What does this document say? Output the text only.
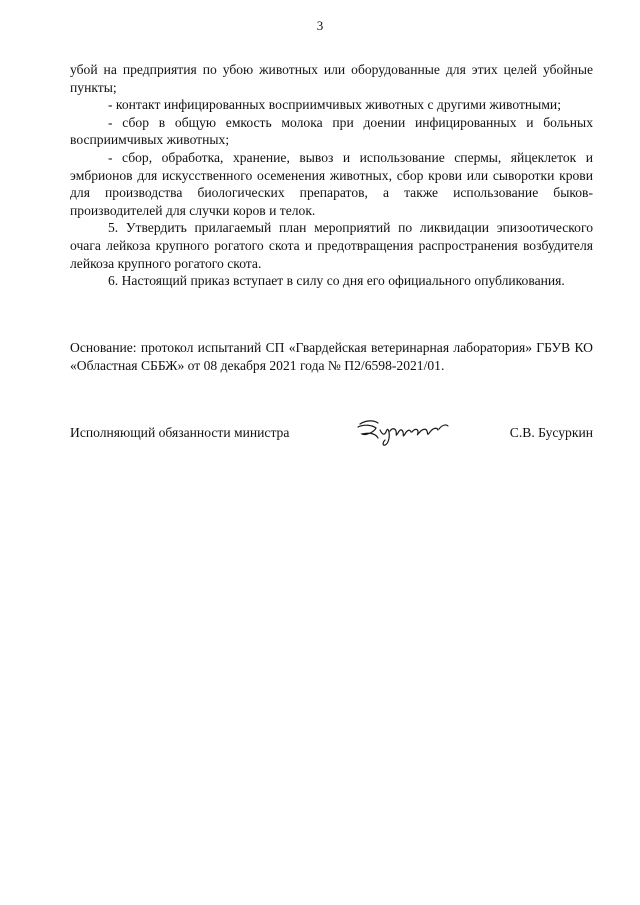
3

убой на предприятия по убою животных или оборудованные для этих целей убойные пункты;

- контакт инфицированных восприимчивых животных с другими животными;

- сбор в общую емкость молока при доении инфицированных и больных восприимчивых животных;

- сбор, обработка, хранение, вывоз и использование спермы, яйцеклеток и эмбрионов для искусственного осеменения животных, сбор крови или сыворотки крови для производства биологических препаратов, а также использование быков-производителей для случки коров и телок.

5. Утвердить прилагаемый план мероприятий по ликвидации эпизоотического очага лейкоза крупного рогатого скота и предотвращения распространения возбудителя лейкоза крупного рогатого скота.

6. Настоящий приказ вступает в силу со дня его официального опубликования.

Основание: протокол испытаний СП «Гвардейская ветеринарная лаборатория» ГБУВ КО «Областная СББЖ» от 08 декабря 2021 года № П2/6598-2021/01.

Исполняющий обязанности министра	С.В. Бусуркин
